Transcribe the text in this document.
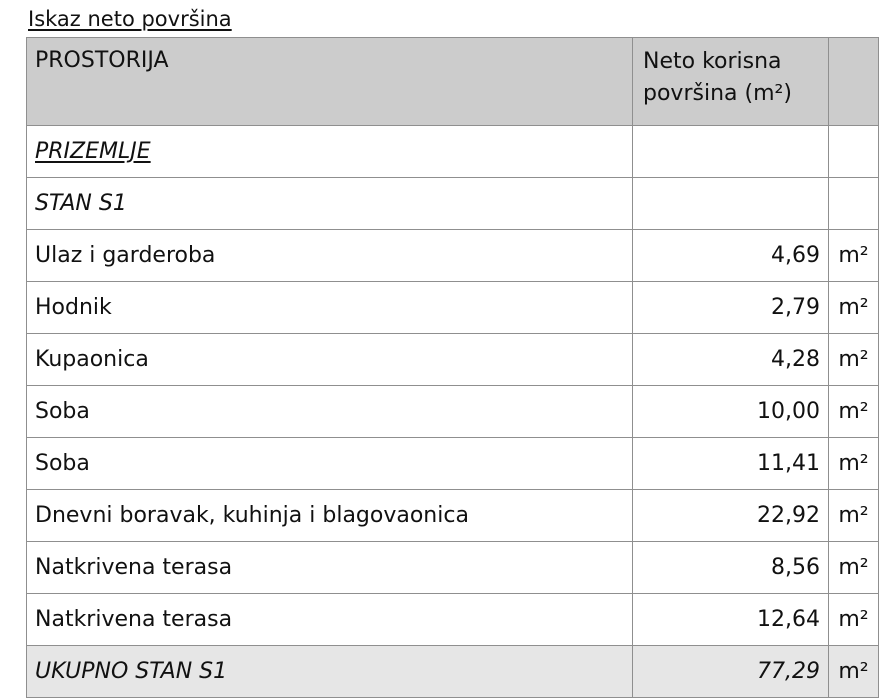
Iskaz neto površina
PROSTORIJA	Neto korisna površina (m²)	
PRIZEMLJE		
STAN S1		
Ulaz i garderoba	4,69	m²
Hodnik	2,79	m²
Kupaonica	4,28	m²
Soba	10,00	m²
Soba	11,41	m²
Dnevni boravak, kuhinja i blagovaonica	22,92	m²
Natkrivena terasa	8,56	m²
Natkrivena terasa	12,64	m²
UKUPNO STAN S1	77,29	m²
